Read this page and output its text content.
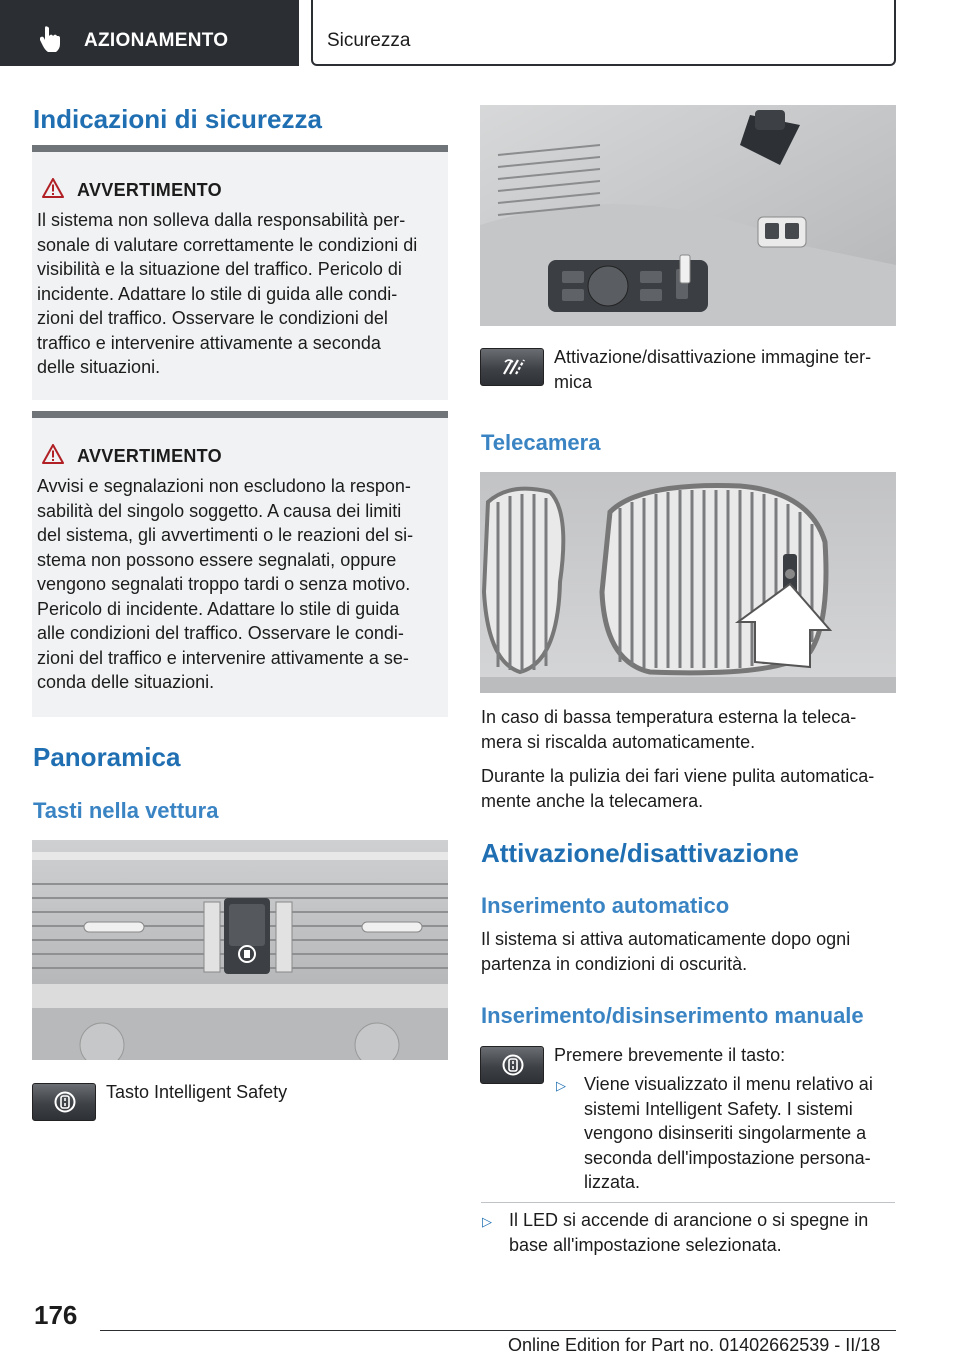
AZIONAMENTO	Sicurezza
Indicazioni di sicurezza
AVVERTIMENTO
Il sistema non solleva dalla responsabilità per-
sonale di valutare correttamente le condizioni di
visibilità e la situazione del traffico. Pericolo di
incidente. Adattare lo stile di guida alle condi-
zioni del traffico. Osservare le condizioni del
traffico e intervenire attivamente a seconda
delle situazioni.
AVVERTIMENTO
Avvisi e segnalazioni non escludono la respon-
sabilità del singolo soggetto. A causa dei limiti
del sistema, gli avvertimenti o le reazioni del si-
stema non possono essere segnalati, oppure
vengono segnalati troppo tardi o senza motivo.
Pericolo di incidente. Adattare lo stile di guida
alle condizioni del traffico. Osservare le condi-
zioni del traffico e intervenire attivamente a se-
conda delle situazioni.
Panoramica
Tasti nella vettura
Tasto Intelligent Safety
Attivazione/disattivazione immagine ter-
mica
Telecamera
In caso di bassa temperatura esterna la teleca-
mera si riscalda automaticamente.
Durante la pulizia dei fari viene pulita automatica-
mente anche la telecamera.
Attivazione/disattivazione
Inserimento automatico
Il sistema si attiva automaticamente dopo ogni
partenza in condizioni di oscurità.
Inserimento/disinserimento manuale
Premere brevemente il tasto:
▷ Viene visualizzato il menu relativo ai
sistemi Intelligent Safety. I sistemi
vengono disinseriti singolarmente a
seconda dell'impostazione persona-
lizzata.
▷ Il LED si accende di arancione o si spegne in
base all'impostazione selezionata.
176
Online Edition for Part no. 01402662539 - II/18
